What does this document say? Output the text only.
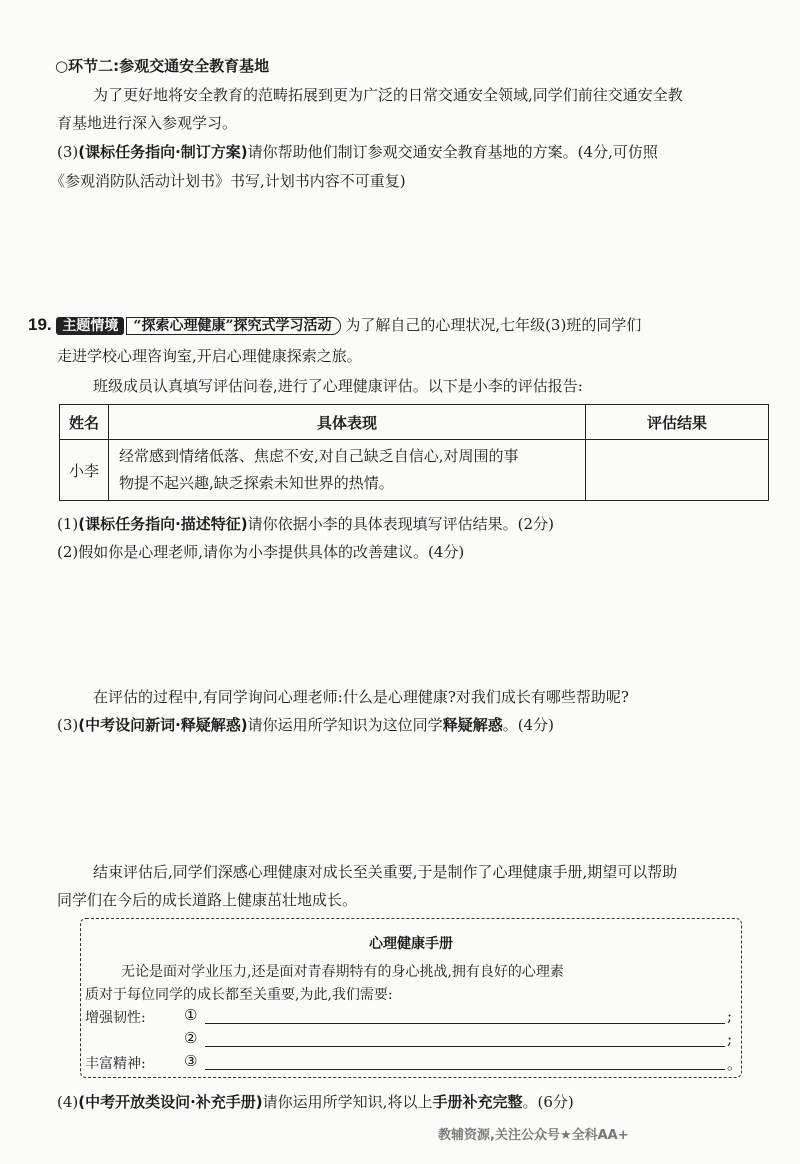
○环节二:参观交通安全教育基地
为了更好地将安全教育的范畴拓展到更为广泛的日常交通安全领域,同学们前往交通安全教
育基地进行深入参观学习。
(3)(课标任务指向·制订方案)请你帮助他们制订参观交通安全教育基地的方案。(4分,可仿照
《参观消防队活动计划书》书写,计划书内容不可重复)
19. 主题情境 “探索心理健康”探究式学习活动 为了解自己的心理状况,七年级(3)班的同学们
走进学校心理咨询室,开启心理健康探索之旅。
班级成员认真填写评估问卷,进行了心理健康评估。以下是小李的评估报告:
姓名	具体表现	评估结果
小李	经常感到情绪低落、焦虑不安,对自己缺乏自信心,对周围的事
物提不起兴趣,缺乏探索未知世界的热情。	

(1)(课标任务指向·描述特征)请你依据小李的具体表现填写评估结果。(2分)
(2)假如你是心理老师,请你为小李提供具体的改善建议。(4分)
在评估的过程中,有同学询问心理老师:什么是心理健康?对我们成长有哪些帮助呢?
(3)(中考设问新词·释疑解惑)请你运用所学知识为这位同学释疑解惑。(4分)
结束评估后,同学们深感心理健康对成长至关重要,于是制作了心理健康手册,期望可以帮助
同学们在今后的成长道路上健康茁壮地成长。
心理健康手册
无论是面对学业压力,还是面对青春期特有的身心挑战,拥有良好的心理素
质对于每位同学的成长都至关重要,为此,我们需要:
增强韧性:	①	;
②	;
丰富精神:	③	。
(4)(中考开放类设问·补充手册)请你运用所学知识,将以上手册补充完整。(6分)
教辅资源,关注公众号★全科AA+
